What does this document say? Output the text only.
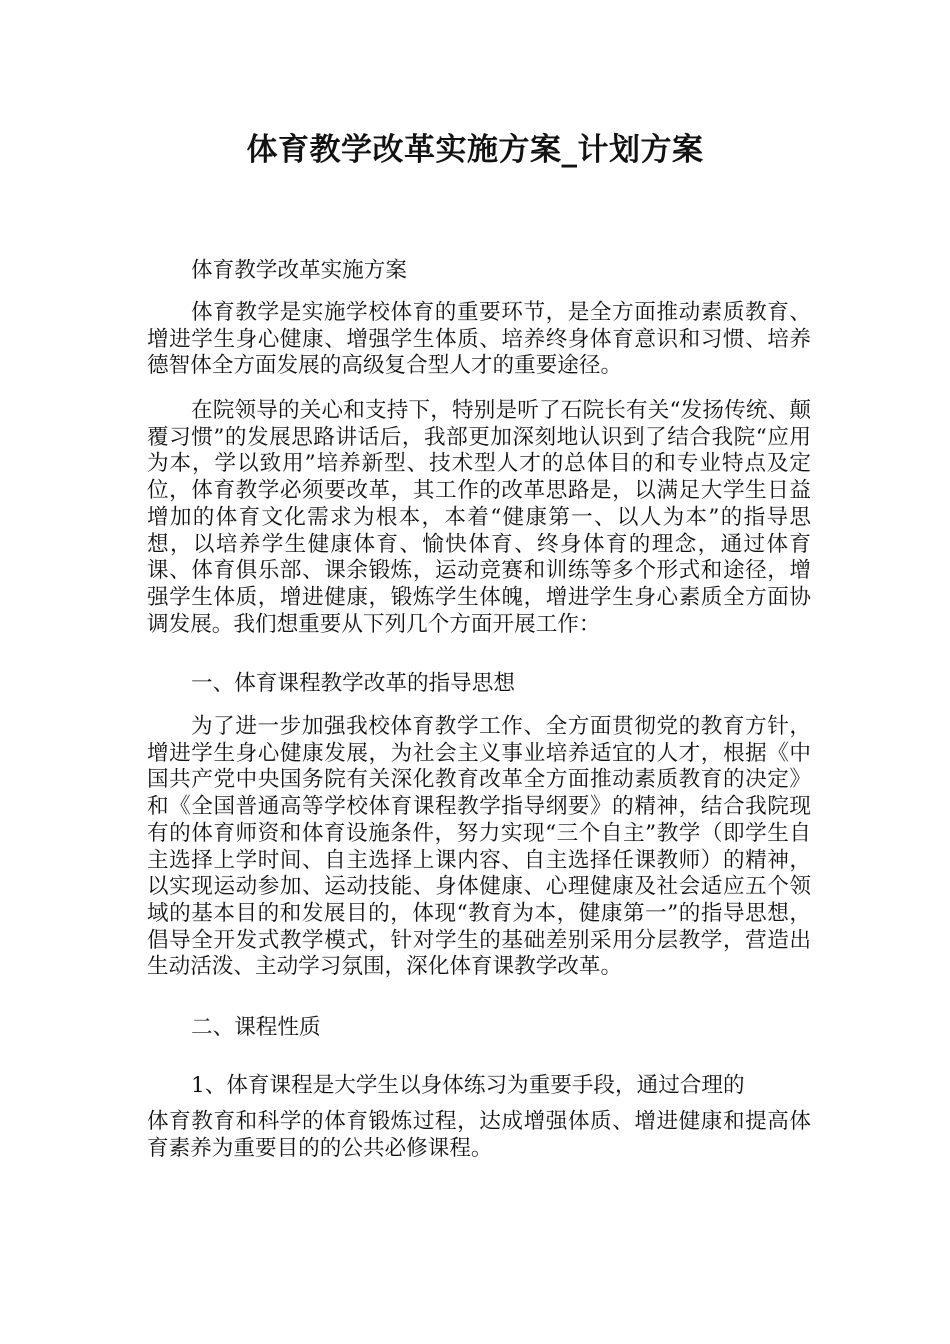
体育教学改革实施方案_计划方案

体育教学改革实施方案

体育教学是实施学校体育的重要环节，是全方面推动素质教育、增进学生身心健康、增强学生体质、培养终身体育意识和习惯、培养德智体全方面发展的高级复合型人才的重要途径。

在院领导的关心和支持下，特别是听了石院长有关“发扬传统、颠覆习惯”的发展思路讲话后，我部更加深刻地认识到了结合我院“应用为本，学以致用”培养新型、技术型人才的总体目的和专业特点及定位，体育教学必须要改革，其工作的改革思路是，以满足大学生日益增加的体育文化需求为根本，本着“健康第一、以人为本”的指导思想，以培养学生健康体育、愉快体育、终身体育的理念，通过体育课、体育俱乐部、课余锻炼，运动竞赛和训练等多个形式和途径，增强学生体质，增进健康，锻炼学生体魄，增进学生身心素质全方面协调发展。我们想重要从下列几个方面开展工作：

一、体育课程教学改革的指导思想

为了进一步加强我校体育教学工作、全方面贯彻党的教育方针，增进学生身心健康发展，为社会主义事业培养适宜的人才，根据《中国共产党中央国务院有关深化教育改革全方面推动素质教育的决定》和《全国普通高等学校体育课程教学指导纲要》的精神，结合我院现有的体育师资和体育设施条件，努力实现“三个自主”教学（即学生自主选择上学时间、自主选择上课内容、自主选择任课教师）的精神，以实现运动参加、运动技能、身体健康、心理健康及社会适应五个领域的基本目的和发展目的，体现“教育为本，健康第一”的指导思想，倡导全开发式教学模式，针对学生的基础差别采用分层教学，营造出生动活泼、主动学习氛围，深化体育课教学改革。

二、课程性质

1、体育课程是大学生以身体练习为重要手段，通过合理的

体育教育和科学的体育锻炼过程，达成增强体质、增进健康和提高体育素养为重要目的的公共必修课程。
